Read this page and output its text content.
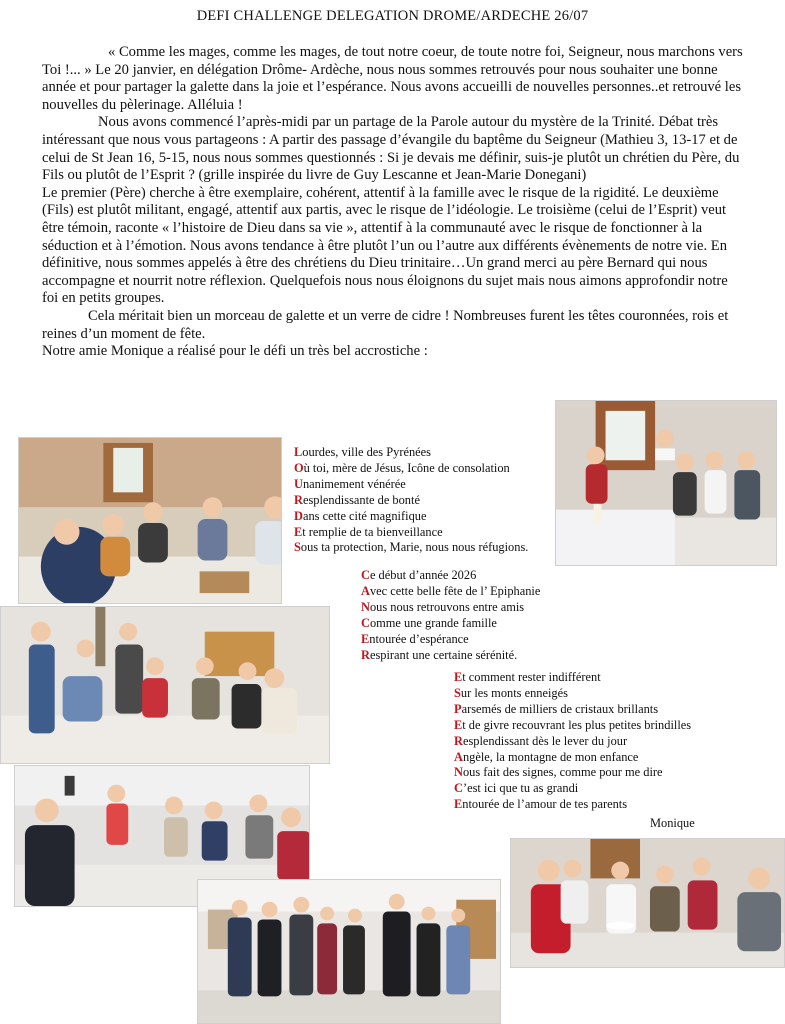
DEFI CHALLENGE DELEGATION DROME/ARDECHE 26/07

« Comme les mages, comme les mages, de tout notre coeur, de toute notre foi, Seigneur, nous marchons vers Toi !... » Le 20 janvier, en délégation Drôme- Ardèche, nous nous sommes retrouvés pour nous souhaiter une bonne année et pour partager la galette dans la joie et l’espérance. Nous avons accueilli de nouvelles personnes..et retrouvé les nouvelles du pèlerinage. Alléluia !

Nous avons commencé l’après-midi par un partage de la Parole autour du mystère de la Trinité. Débat très intéressant que nous vous partageons : A partir des passage d’évangile du baptême du Seigneur (Mathieu 3, 13-17 et de celui de St Jean 16, 5-15, nous nous sommes questionnés : Si je devais me définir, suis-je plutôt un chrétien du Père, du Fils ou plutôt de l’Esprit ? (grille inspirée du livre de Guy Lescanne et Jean-Marie Donegani)

Le premier (Père) cherche à être exemplaire, cohérent, attentif à la famille avec le risque de la rigidité. Le deuxième (Fils) est plutôt militant, engagé, attentif aux partis, avec le risque de l’idéologie. Le troisième (celui de l’Esprit) veut être témoin, raconte « l’histoire de Dieu dans sa vie », attentif à la communauté avec le risque de fonctionner à la séduction et à l’émotion. Nous avons tendance à être plutôt l’un ou l’autre aux différents évènements de notre vie. En définitive, nous sommes appelés à être des chrétiens du Dieu trinitaire…Un grand merci au père Bernard qui nous accompagne et nourrit notre réflexion. Quelquefois nous nous éloignons du sujet mais nous aimons approfondir notre foi en petits groupes.

Cela méritait bien un morceau de galette et un verre de cidre ! Nombreuses furent les têtes couronnées, rois et reines d’un moment de fête.

Notre amie Monique a réalisé pour le défi un très bel accrostiche :

Lourdes, ville des Pyrénées
Où toi, mère de Jésus, Icône de consolation
Unanimement vénérée
Resplendissante de bonté
Dans cette cité magnifique
Et remplie de ta bienveillance
Sous ta protection, Marie, nous nous réfugions.
Ce début d’année 2026
Avec cette belle fête de l’ Epiphanie
Nous nous retrouvons entre amis
Comme une grande famille
Entourée d’espérance
Respirant une certaine sérénité.
Et comment rester indifférent
Sur les monts enneigés
Parsemés de milliers de cristaux brillants
Et de givre recouvrant les plus petites brindilles
Resplendissant dès le lever du jour
Angèle, la montagne de mon enfance
Nous fait des signes, comme pour me dire
C’est ici que tu as grandi
Entourée de l’amour de tes parents
Monique
